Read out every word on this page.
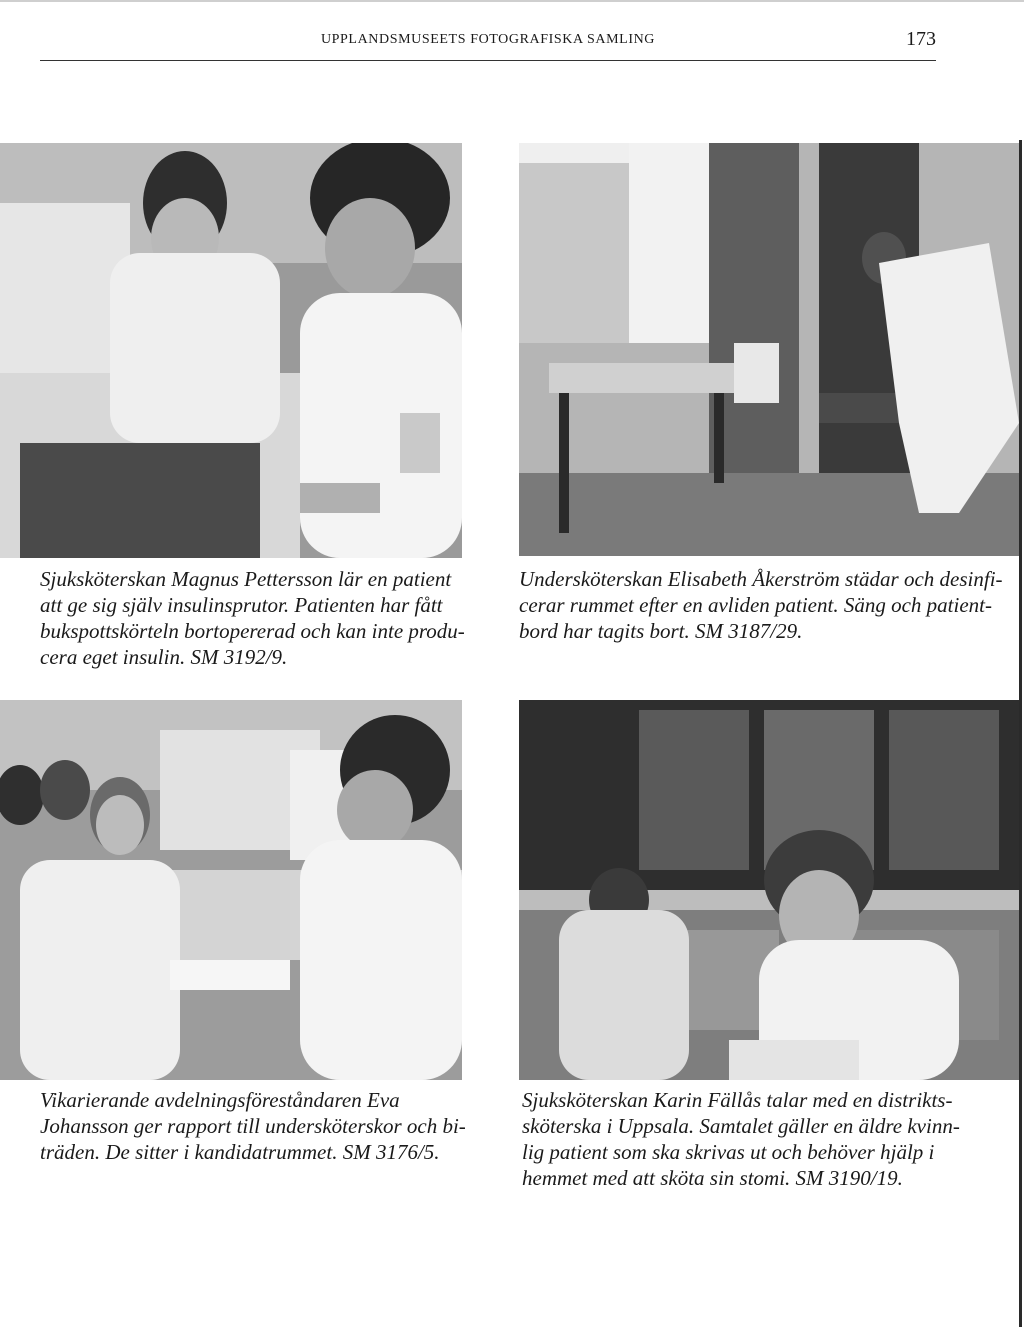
UPPLANDSMUSEETS FOTOGRAFISKA SAMLING	173

Sjuksköterskan Magnus Pettersson lär en patient

att ge sig själv insulinsprutor. Patienten har fått

bukspottskörteln bortopererad och kan inte produ-

cera eget insulin. SM 3192/9.

Undersköterskan Elisabeth Åkerström städar och desinfi-

cerar rummet efter en avliden patient. Säng och patient-

bord har tagits bort. SM 3187/29.

Vikarierande avdelningsföreståndaren Eva

Johansson ger rapport till undersköterskor och bi-

träden. De sitter i kandidatrummet. SM 3176/5.

Sjuksköterskan Karin Fällås talar med en distrikts-

sköterska i Uppsala. Samtalet gäller en äldre kvinn-

lig patient som ska skrivas ut och behöver hjälp i

hemmet med att sköta sin stomi. SM 3190/19.
